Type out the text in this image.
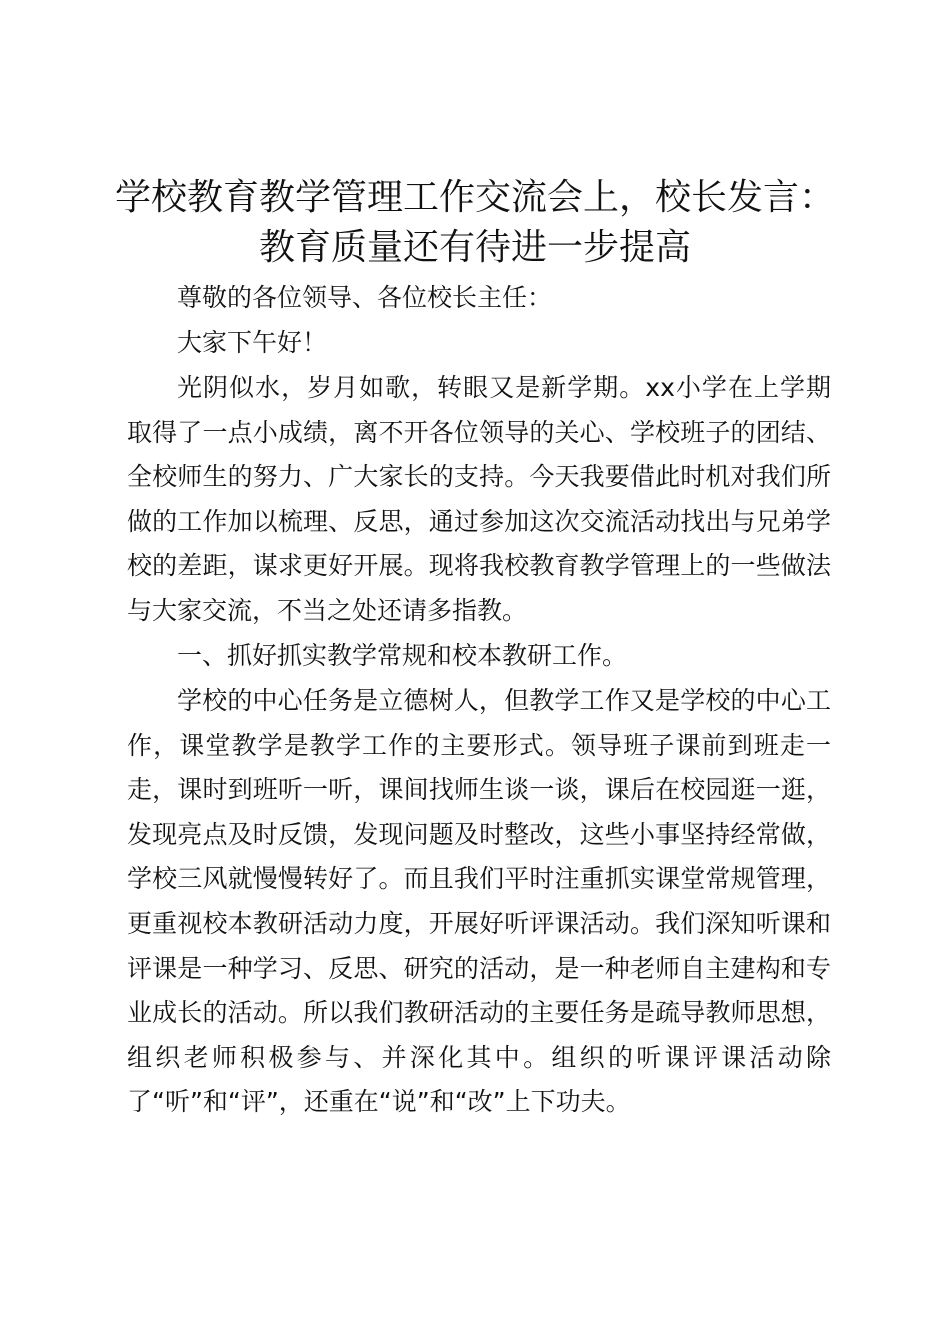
学校教育教学管理工作交流会上，校长发言：
教育质量还有待进一步提高

尊敬的各位领导、各位校长主任：

大家下午好！

光阴似水，岁月如歌，转眼又是新学期。xx小学在上学期取得了一点小成绩，离不开各位领导的关心、学校班子的团结、全校师生的努力、广大家长的支持。今天我要借此时机对我们所做的工作加以梳理、反思，通过参加这次交流活动找出与兄弟学校的差距，谋求更好开展。现将我校教育教学管理上的一些做法与大家交流，不当之处还请多指教。

一、抓好抓实教学常规和校本教研工作。

学校的中心任务是立德树人，但教学工作又是学校的中心工作，课堂教学是教学工作的主要形式。领导班子课前到班走一走，课时到班听一听，课间找师生谈一谈，课后在校园逛一逛，发现亮点及时反馈，发现问题及时整改，这些小事坚持经常做，学校三风就慢慢转好了。而且我们平时注重抓实课堂常规管理，更重视校本教研活动力度，开展好听评课活动。我们深知听课和评课是一种学习、反思、研究的活动，是一种老师自主建构和专业成长的活动。所以我们教研活动的主要任务是疏导教师思想，组织老师积极参与、并深化其中。组织的听课评课活动除了“听”和“评”，还重在“说”和“改”上下功夫。
